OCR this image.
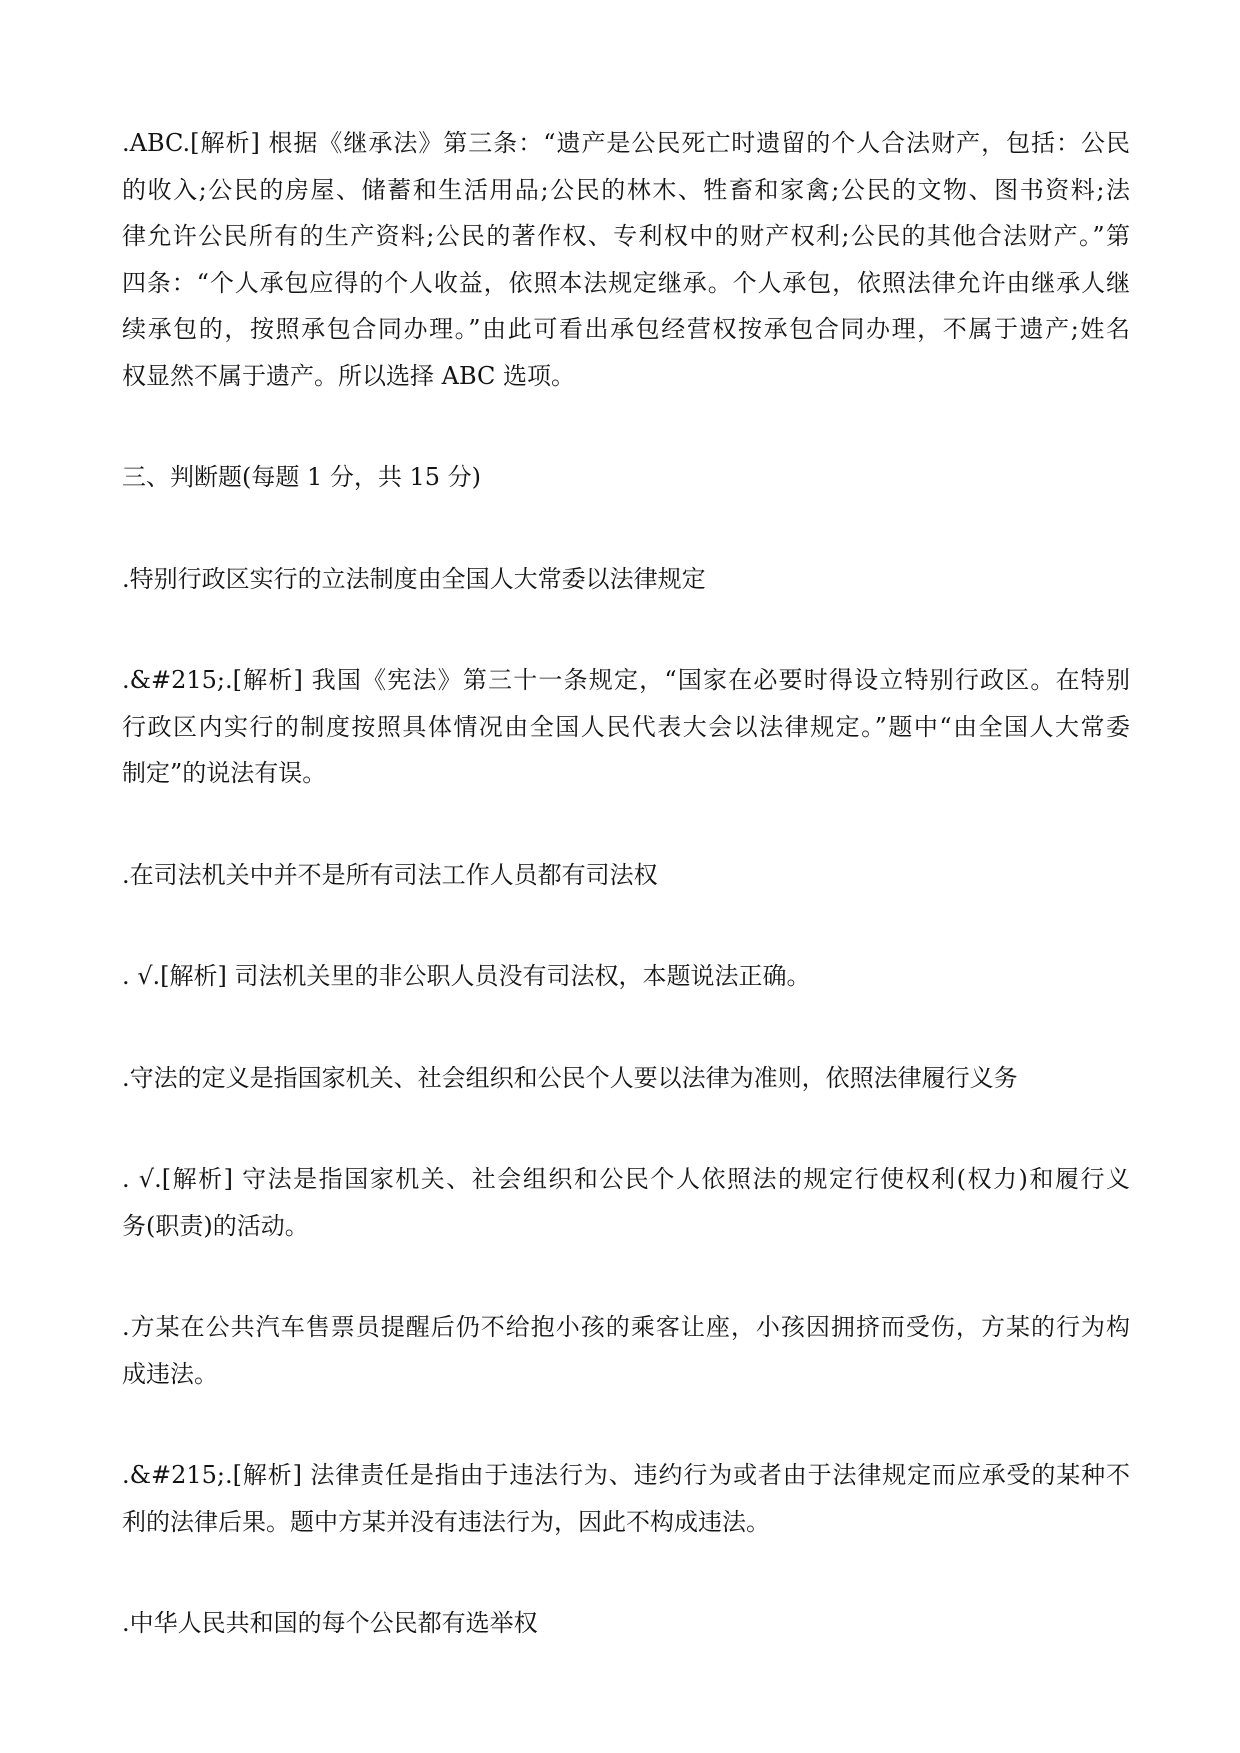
.ABC.[解析] 根据《继承法》第三条：“遗产是公民死亡时遗留的个人合法财产，包括：公民
的收入;公民的房屋、储蓄和生活用品;公民的林木、牲畜和家禽;公民的文物、图书资料;法
律允许公民所有的生产资料;公民的著作权、专利权中的财产权利;公民的其他合法财产。”第
四条：“个人承包应得的个人收益，依照本法规定继承。个人承包，依照法律允许由继承人继
续承包的，按照承包合同办理。”由此可看出承包经营权按承包合同办理，不属于遗产;姓名
权显然不属于遗产。所以选择 ABC 选项。
三、判断题(每题 1 分，共 15 分)
.特别行政区实行的立法制度由全国人大常委以法律规定
.&#215;.[解析] 我国《宪法》第三十一条规定，“国家在必要时得设立特别行政区。在特别
行政区内实行的制度按照具体情况由全国人民代表大会以法律规定。”题中“由全国人大常委
制定”的说法有误。
.在司法机关中并不是所有司法工作人员都有司法权
. √.[解析] 司法机关里的非公职人员没有司法权，本题说法正确。
.守法的定义是指国家机关、社会组织和公民个人要以法律为准则，依照法律履行义务
. √.[解析] 守法是指国家机关、社会组织和公民个人依照法的规定行使权利(权力)和履行义
务(职责)的活动。
.方某在公共汽车售票员提醒后仍不给抱小孩的乘客让座，小孩因拥挤而受伤，方某的行为构
成违法。
.&#215;.[解析] 法律责任是指由于违法行为、违约行为或者由于法律规定而应承受的某种不
利的法律后果。题中方某并没有违法行为，因此不构成违法。
.中华人民共和国的每个公民都有选举权
